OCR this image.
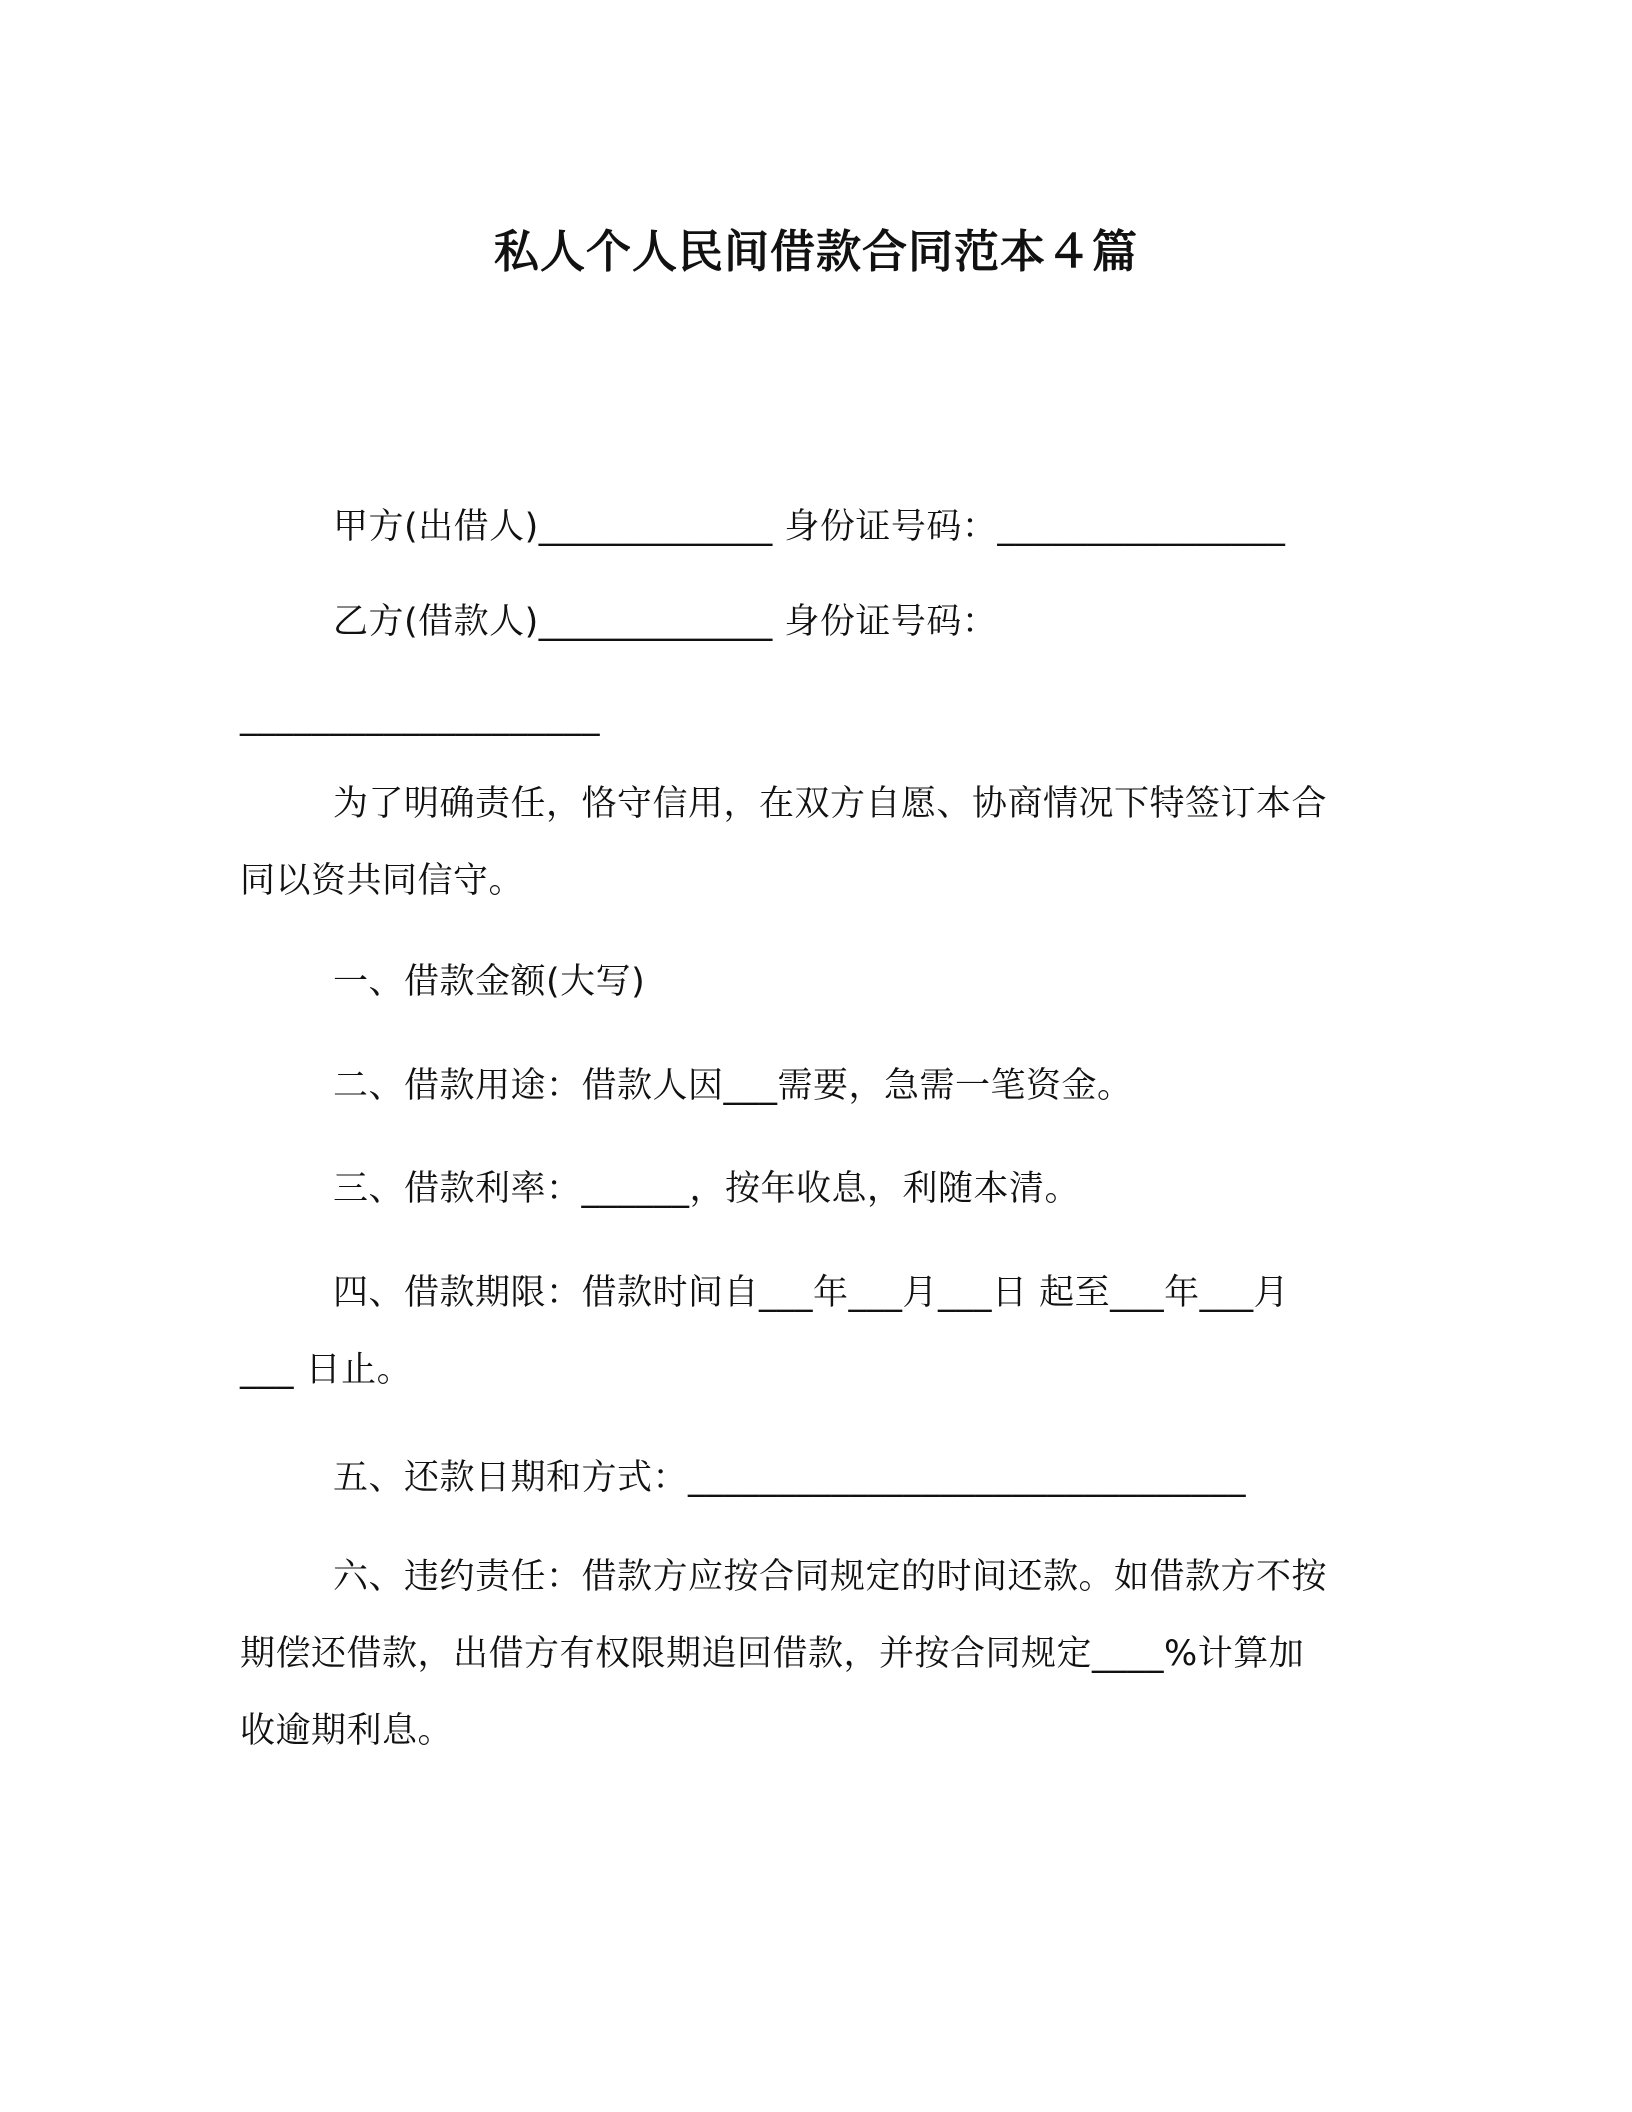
私人个人民间借款合同范本４篇
甲方(出借人)_____________ 身份证号码：________________
乙方(借款人)_____________ 身份证号码：
____________________
为了明确责任，恪守信用，在双方自愿、协商情况下特签订本合
同以资共同信守。
一、借款金额(大写)
二、借款用途：借款人因___需要，急需一笔资金。
三、借款利率：______，按年收息，利随本清。
四、借款期限：借款时间自___年___月___日 起至___年___月
___ 日止。
五、还款日期和方式：_______________________________
六、违约责任：借款方应按合同规定的时间还款。如借款方不按
期偿还借款，出借方有权限期追回借款，并按合同规定____%计算加
收逾期利息。
